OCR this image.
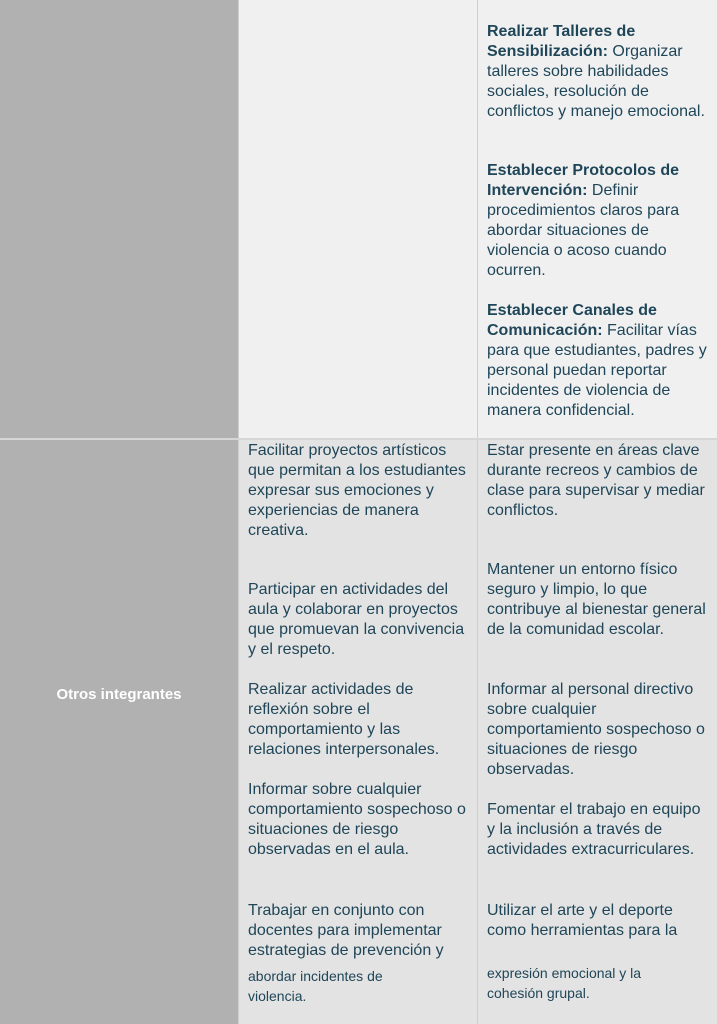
Realizar Talleres de Sensibilización: Organizar talleres sobre habilidades sociales, resolución de conflictos y manejo emocional.

Establecer Protocolos de Intervención: Definir procedimientos claros para abordar situaciones de violencia o acoso cuando ocurren.

Establecer Canales de Comunicación: Facilitar vías para que estudiantes, padres y personal puedan reportar incidentes de violencia de manera confidencial.

Otros integrantes

Facilitar proyectos artísticos que permitan a los estudiantes expresar sus emociones y experiencias de manera creativa.

Participar en actividades del aula y colaborar en proyectos que promuevan la convivencia y el respeto.

Realizar actividades de reflexión sobre el comportamiento y las relaciones interpersonales.

Informar sobre cualquier comportamiento sospechoso o situaciones de riesgo observadas en el aula.

Trabajar en conjunto con docentes para implementar estrategias de prevención y

abordar incidentes de violencia.

Estar presente en áreas clave durante recreos y cambios de clase para supervisar y mediar conflictos.

Mantener un entorno físico seguro y limpio, lo que contribuye al bienestar general de la comunidad escolar.

Informar al personal directivo sobre cualquier comportamiento sospechoso o situaciones de riesgo observadas.

Fomentar el trabajo en equipo y la inclusión a través de actividades extracurriculares.

Utilizar el arte y el deporte como herramientas para la

expresión emocional y la cohesión grupal.
